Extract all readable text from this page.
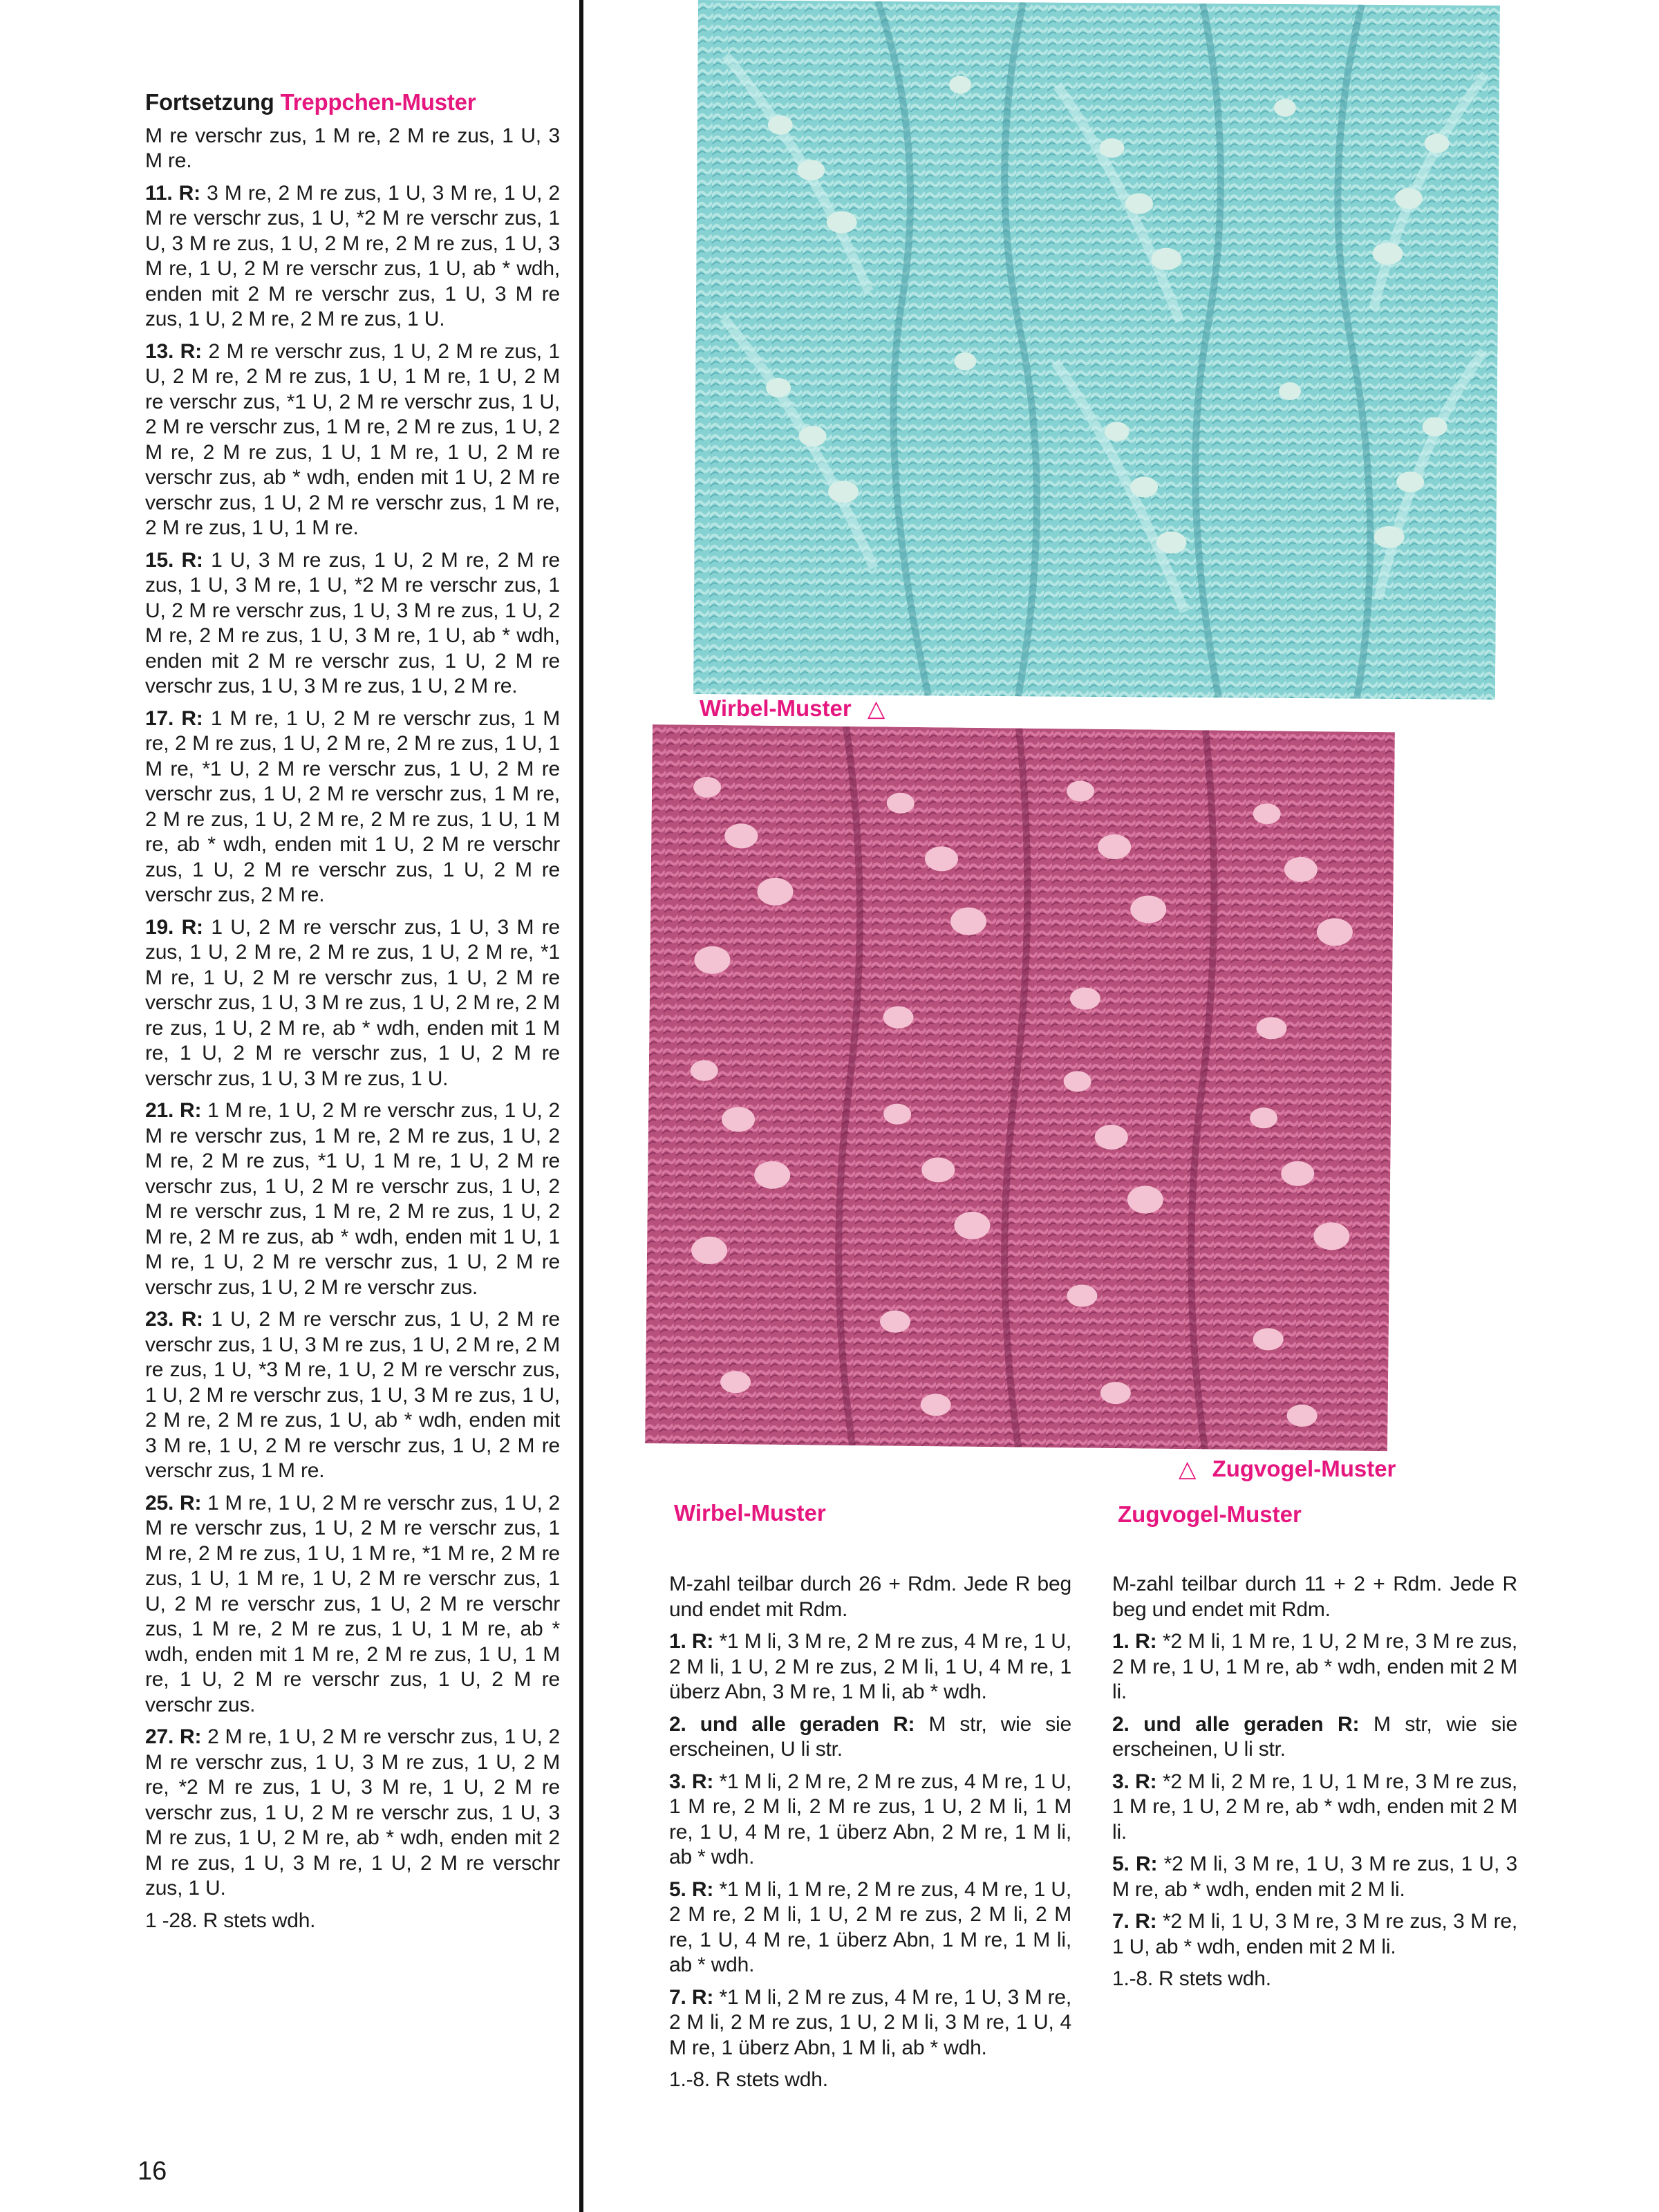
Fortsetzung Treppchen-Muster

M re verschr zus, 1 M re, 2 M re zus, 1 U, 3 M re.

11. R: 3 M re, 2 M re zus, 1 U, 3 M re, 1 U, 2 M re verschr zus, 1 U, *2 M re verschr zus, 1 U, 3 M re zus, 1 U, 2 M re, 2 M re zus, 1 U, 3 M re, 1 U, 2 M re verschr zus, 1 U, ab * wdh, enden mit 2 M re verschr zus, 1 U, 3 M re zus, 1 U, 2 M re, 2 M re zus, 1 U.

13. R: 2 M re verschr zus, 1 U, 2 M re zus, 1 U, 2 M re, 2 M re zus, 1 U, 1 M re, 1 U, 2 M re verschr zus, *1 U, 2 M re verschr zus, 1 U, 2 M re verschr zus, 1 M re, 2 M re zus, 1 U, 2 M re, 2 M re zus, 1 U, 1 M re, 1 U, 2 M re verschr zus, ab * wdh, enden mit 1 U, 2 M re verschr zus, 1 U, 2 M re verschr zus, 1 M re, 2 M re zus, 1 U, 1 M re.

15. R: 1 U, 3 M re zus, 1 U, 2 M re, 2 M re zus, 1 U, 3 M re, 1 U, *2 M re verschr zus, 1 U, 2 M re verschr zus, 1 U, 3 M re zus, 1 U, 2 M re, 2 M re zus, 1 U, 3 M re, 1 U, ab * wdh, enden mit 2 M re verschr zus, 1 U, 2 M re verschr zus, 1 U, 3 M re zus, 1 U, 2 M re.

17. R: 1 M re, 1 U, 2 M re verschr zus, 1 M re, 2 M re zus, 1 U, 2 M re, 2 M re zus, 1 U, 1 M re, *1 U, 2 M re verschr zus, 1 U, 2 M re verschr zus, 1 U, 2 M re verschr zus, 1 M re, 2 M re zus, 1 U, 2 M re, 2 M re zus, 1 U, 1 M re, ab * wdh, enden mit 1 U, 2 M re verschr zus, 1 U, 2 M re verschr zus, 1 U, 2 M re verschr zus, 2 M re.

19. R: 1 U, 2 M re verschr zus, 1 U, 3 M re zus, 1 U, 2 M re, 2 M re zus, 1 U, 2 M re, *1 M re, 1 U, 2 M re verschr zus, 1 U, 2 M re verschr zus, 1 U, 3 M re zus, 1 U, 2 M re, 2 M re zus, 1 U, 2 M re, ab * wdh, enden mit 1 M re, 1 U, 2 M re verschr zus, 1 U, 2 M re verschr zus, 1 U, 3 M re zus, 1 U.

21. R: 1 M re, 1 U, 2 M re verschr zus, 1 U, 2 M re verschr zus, 1 M re, 2 M re zus, 1 U, 2 M re, 2 M re zus, *1 U, 1 M re, 1 U, 2 M re verschr zus, 1 U, 2 M re verschr zus, 1 U, 2 M re verschr zus, 1 M re, 2 M re zus, 1 U, 2 M re, 2 M re zus, ab * wdh, enden mit 1 U, 1 M re, 1 U, 2 M re verschr zus, 1 U, 2 M re verschr zus, 1 U, 2 M re verschr zus.

23. R: 1 U, 2 M re verschr zus, 1 U, 2 M re verschr zus, 1 U, 3 M re zus, 1 U, 2 M re, 2 M re zus, 1 U, *3 M re, 1 U, 2 M re verschr zus, 1 U, 2 M re verschr zus, 1 U, 3 M re zus, 1 U, 2 M re, 2 M re zus, 1 U, ab * wdh, enden mit 3 M re, 1 U, 2 M re verschr zus, 1 U, 2 M re verschr zus, 1 M re.

25. R: 1 M re, 1 U, 2 M re verschr zus, 1 U, 2 M re verschr zus, 1 U, 2 M re verschr zus, 1 M re, 2 M re zus, 1 U, 1 M re, *1 M re, 2 M re zus, 1 U, 1 M re, 1 U, 2 M re verschr zus, 1 U, 2 M re verschr zus, 1 U, 2 M re verschr zus, 1 M re, 2 M re zus, 1 U, 1 M re, ab * wdh, enden mit 1 M re, 2 M re zus, 1 U, 1 M re, 1 U, 2 M re verschr zus, 1 U, 2 M re verschr zus.

27. R: 2 M re, 1 U, 2 M re verschr zus, 1 U, 2 M re verschr zus, 1 U, 3 M re zus, 1 U, 2 M re, *2 M re zus, 1 U, 3 M re, 1 U, 2 M re verschr zus, 1 U, 2 M re verschr zus, 1 U, 3 M re zus, 1 U, 2 M re, ab * wdh, enden mit 2 M re zus, 1 U, 3 M re, 1 U, 2 M re verschr zus, 1 U.

1 -28. R stets wdh.

16
Wirbel-Muster △
△ Zugvogel-Muster
Wirbel-Muster

M-zahl teilbar durch 26 + Rdm. Jede R beg und endet mit Rdm.

1. R: *1 M li, 3 M re, 2 M re zus, 4 M re, 1 U, 2 M li, 1 U, 2 M re zus, 2 M li, 1 U, 4 M re, 1 überz Abn, 3 M re, 1 M li, ab * wdh.

2. und alle geraden R: M str, wie sie erscheinen, U li str.

3. R: *1 M li, 2 M re, 2 M re zus, 4 M re, 1 U, 1 M re, 2 M li, 2 M re zus, 1 U, 2 M li, 1 M re, 1 U, 4 M re, 1 überz Abn, 2 M re, 1 M li, ab * wdh.

5. R: *1 M li, 1 M re, 2 M re zus, 4 M re, 1 U, 2 M re, 2 M li, 1 U, 2 M re zus, 2 M li, 2 M re, 1 U, 4 M re, 1 überz Abn, 1 M re, 1 M li, ab * wdh.

7. R: *1 M li, 2 M re zus, 4 M re, 1 U, 3 M re, 2 M li, 2 M re zus, 1 U, 2 M li, 3 M re, 1 U, 4 M re, 1 überz Abn, 1 M li, ab * wdh.

1.-8. R stets wdh.

Zugvogel-Muster

M-zahl teilbar durch 11 + 2 + Rdm. Jede R beg und endet mit Rdm.

1. R: *2 M li, 1 M re, 1 U, 2 M re, 3 M re zus, 2 M re, 1 U, 1 M re, ab * wdh, enden mit 2 M li.

2. und alle geraden R: M str, wie sie erscheinen, U li str.

3. R: *2 M li, 2 M re, 1 U, 1 M re, 3 M re zus, 1 M re, 1 U, 2 M re, ab * wdh, enden mit 2 M li.

5. R: *2 M li, 3 M re, 1 U, 3 M re zus, 1 U, 3 M re, ab * wdh, enden mit 2 M li.

7. R: *2 M li, 1 U, 3 M re, 3 M re zus, 3 M re, 1 U, ab * wdh, enden mit 2 M li.

1.-8. R stets wdh.
